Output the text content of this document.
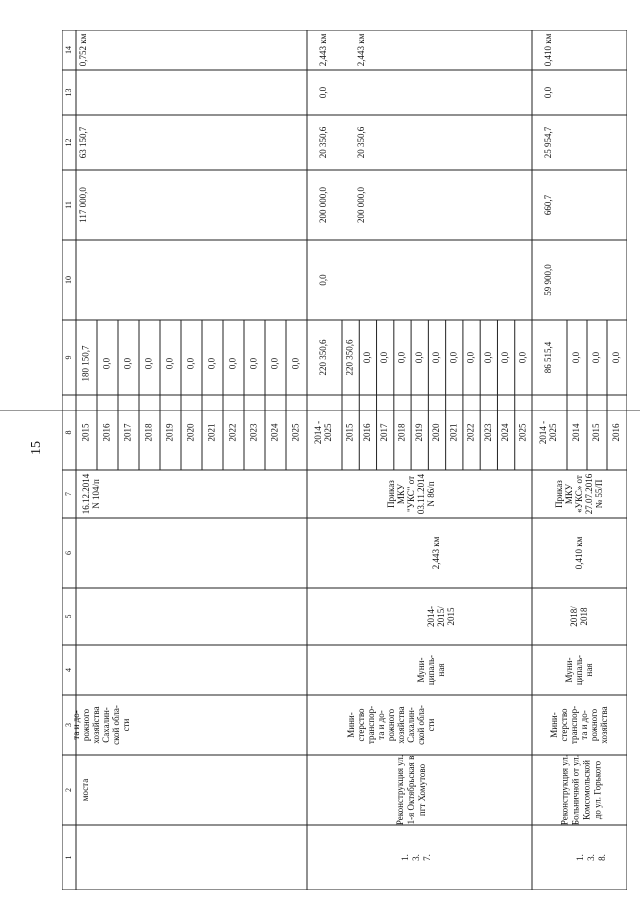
15
1
2
3
4
5
6
7
8
9
10
11
12
13
14
моста
та и до- рожного хозяйства Сахалин- ской обла- сти
16.12.2014 N 104/п
2015
180 150,7
2016
0,0
2017
0,0
2018
0,0
2019
0,0
2020
0,0
2021
0,0
2022
0,0
2023
0,0
2024
0,0
2025
0,0
117 000,0
63 150,7
0,752 км
1. 3. 7.
Реконструкция ул. 1-я Октябрьская в пгт Хомутово
Мини- стерство транспор- та и до- рожного хозяйства Сахалин- ской обла- сти
Муни- ципаль- ная
2014- 2015/ 2015
2,443 км
Приказ МКУ "УКС" от 03.11.2014 N 86/п
2014 - 2025
220 350,6
0,0
200 000,0
20 350,6
0,0
2,443 км
2015
220 350,6
2016
0,0
2017
0,0
2018
0,0
2019
0,0
2020
0,0
2021
0,0
2022
0,0
2023
0,0
2024
0,0
2025
0,0
200 000,0
20 350,6
2,443 км
1. 3. 8.
Реконструкция ул. Больничной от ул. Комсомольской до ул. Горького
Мини- стерство транспор- та и до- рожного хозяйства
Муни- ципаль- ная
2018/ 2018
0,410 км
Приказ МКУ «УКС» от 27.07.2016 № 55/П
2014 - 2025
86 515,4
59 900,0
660,7
25 954,7
0,0
0,410 км
2014
0,0
2015
0,0
2016
0,0
